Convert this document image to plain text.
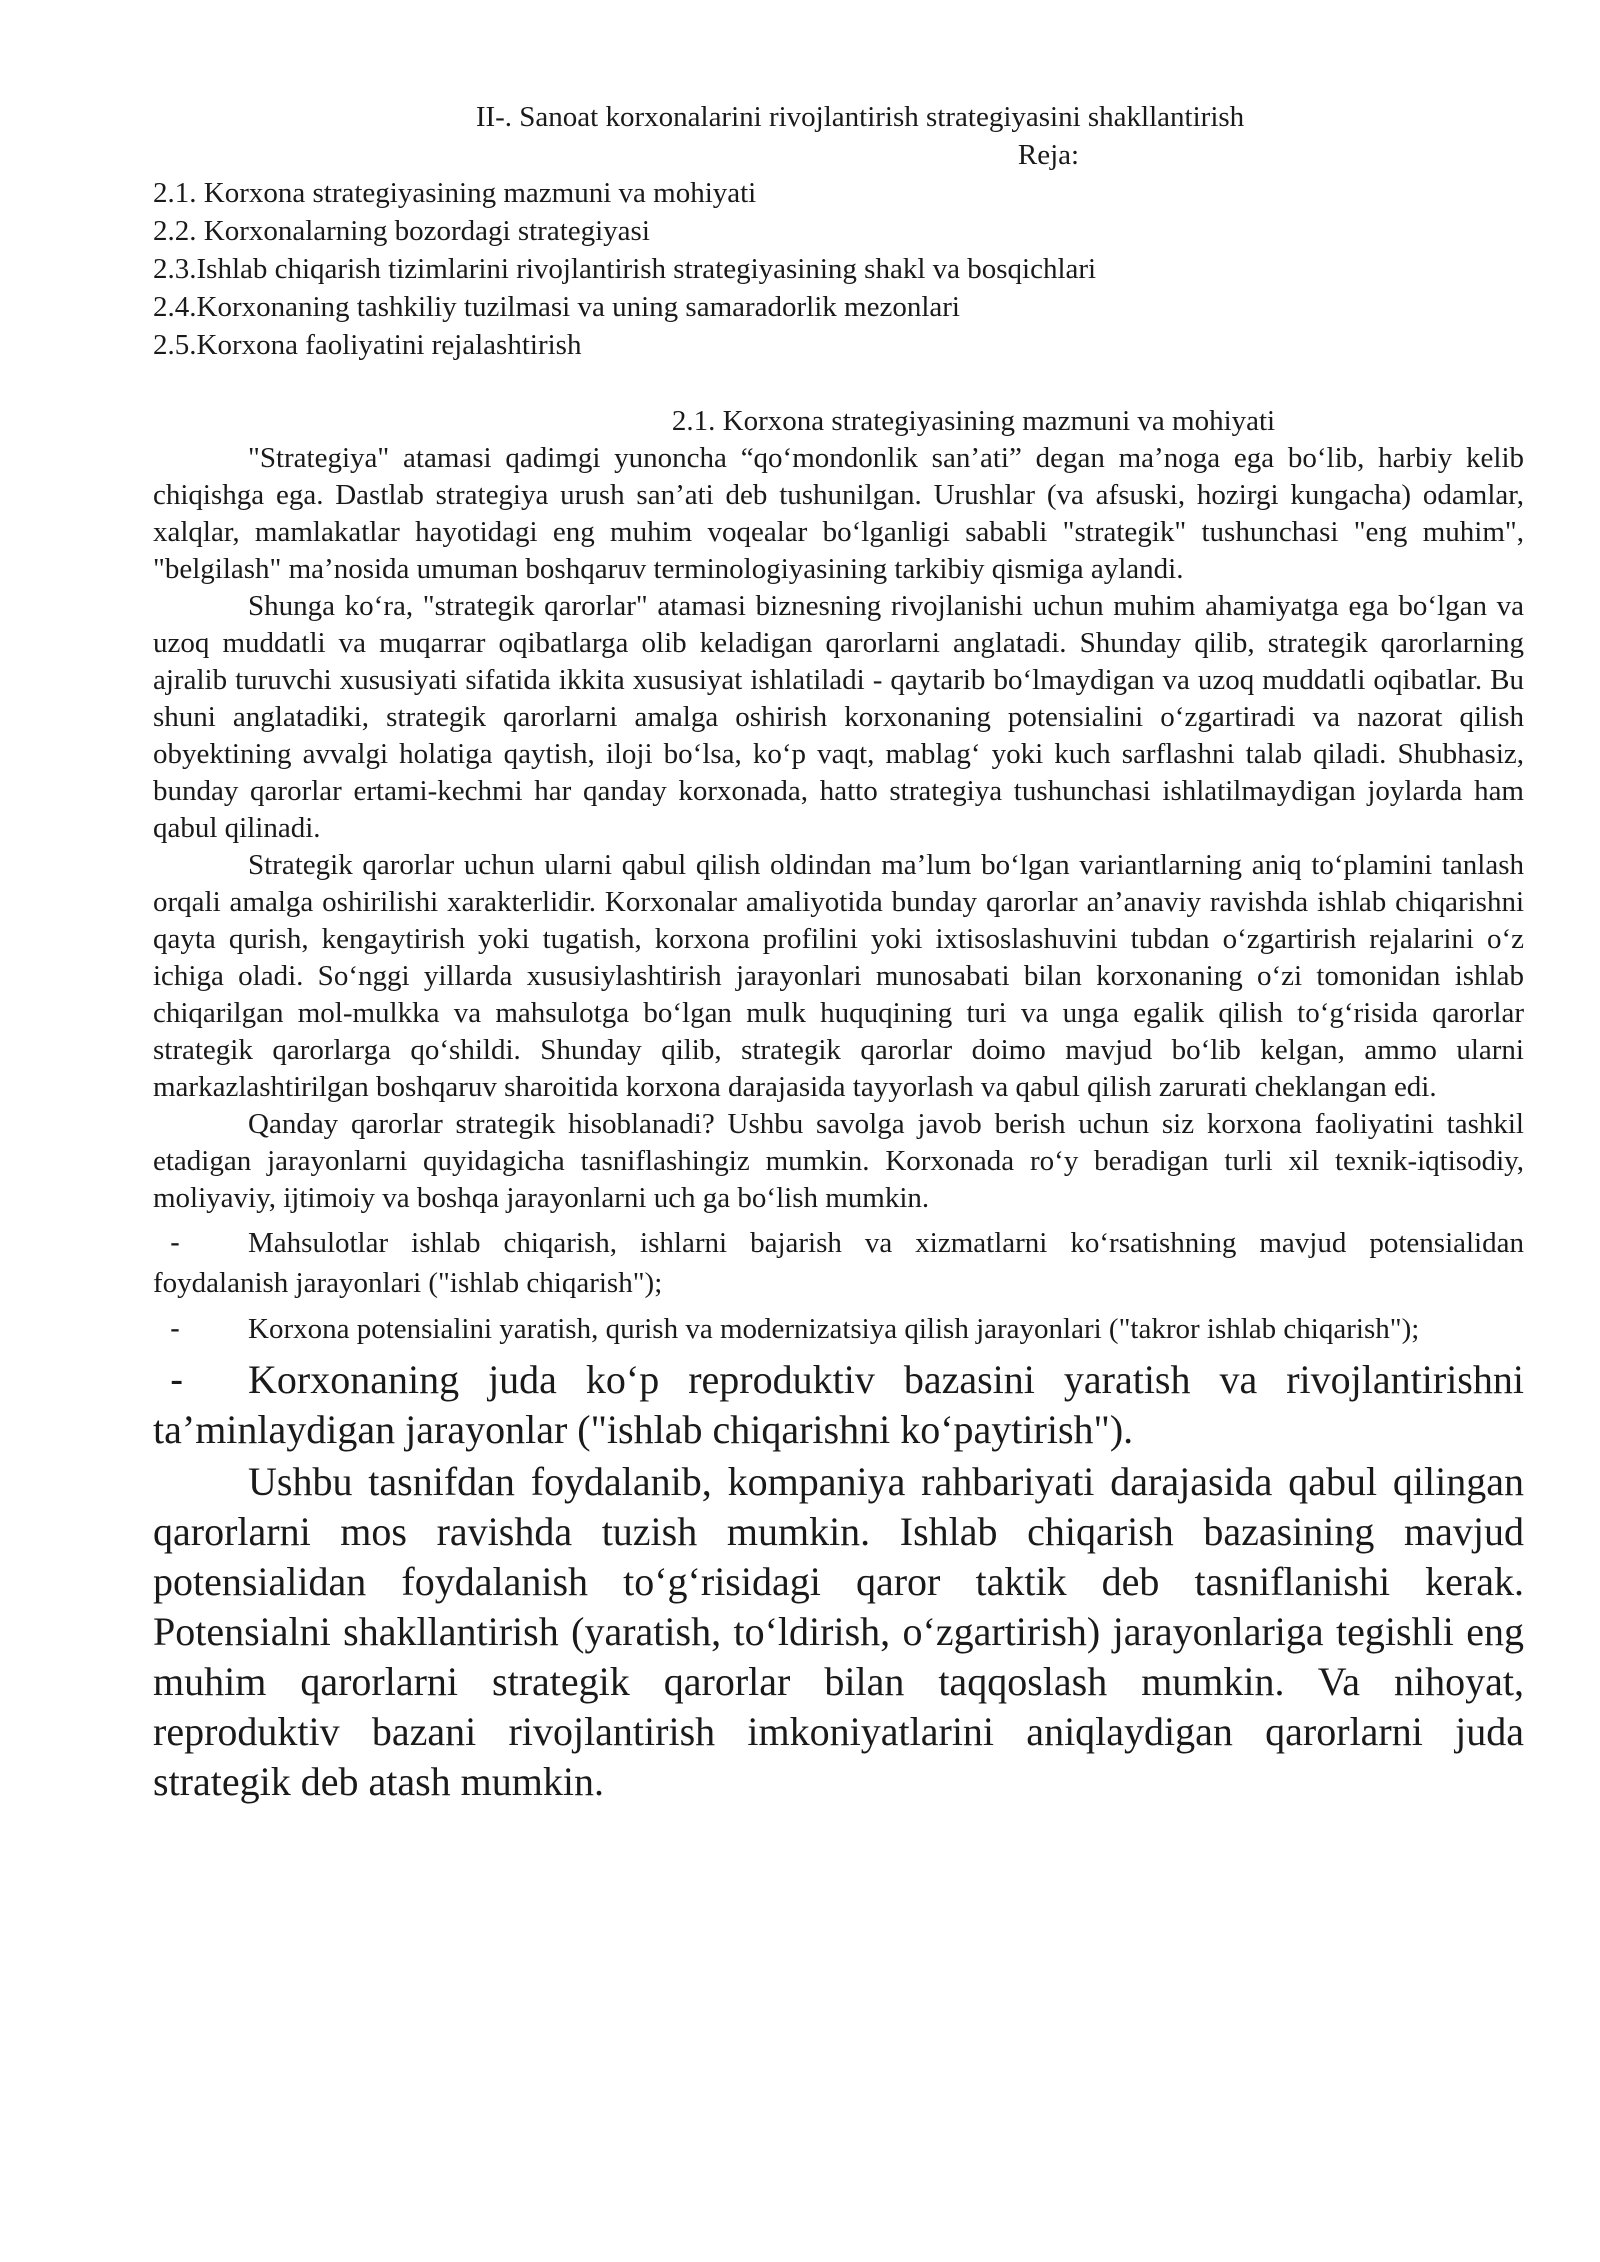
II-. Sanoat korxonalarini rivojlantirish strategiyasini shakllantirish
Reja:
2.1. Korxona strategiyasining mazmuni va mohiyati
2.2. Korxonalarning bozordagi strategiyasi
2.3.Ishlab chiqarish tizimlarini rivojlantirish strategiyasining shakl va bosqichlari
2.4.Korxonaning tashkiliy tuzilmasi va uning samaradorlik mezonlari
2.5.Korxona faoliyatini rejalashtirish
2.1. Korxona strategiyasining mazmuni va mohiyati

"Strategiya" atamasi qadimgi yunoncha “qo‘mondonlik san’ati” degan ma’noga ega bo‘lib, harbiy kelib chiqishga ega. Dastlab strategiya urush san’ati deb tushunilgan. Urushlar (va afsuski, hozirgi kungacha) odamlar, xalqlar, mamlakatlar hayotidagi eng muhim voqealar bo‘lganligi sababli "strategik" tushunchasi "eng muhim", "belgilash" ma’nosida umuman boshqaruv terminologiyasining tarkibiy qismiga aylandi.

Shunga ko‘ra, "strategik qarorlar" atamasi biznesning rivojlanishi uchun muhim ahamiyatga ega bo‘lgan va uzoq muddatli va muqarrar oqibatlarga olib keladigan qarorlarni anglatadi. Shunday qilib, strategik qarorlarning ajralib turuvchi xususiyati sifatida ikkita xususiyat ishlatiladi - qaytarib bo‘lmaydigan va uzoq muddatli oqibatlar. Bu shuni anglatadiki, strategik qarorlarni amalga oshirish korxonaning potensialini o‘zgartiradi va nazorat qilish obyektining avvalgi holatiga qaytish, iloji bo‘lsa, ko‘p vaqt, mablag‘ yoki kuch sarflashni talab qiladi. Shubhasiz, bunday qarorlar ertami-kechmi har qanday korxonada, hatto strategiya tushunchasi ishlatilmaydigan joylarda ham qabul qilinadi.

Strategik qarorlar uchun ularni qabul qilish oldindan ma’lum bo‘lgan variantlarning aniq to‘plamini tanlash orqali amalga oshirilishi xarakterlidir. Korxonalar amaliyotida bunday qarorlar an’anaviy ravishda ishlab chiqarishni qayta qurish, kengaytirish yoki tugatish, korxona profilini yoki ixtisoslashuvini tubdan o‘zgartirish rejalarini o‘z ichiga oladi. So‘nggi yillarda xususiylashtirish jarayonlari munosabati bilan korxonaning o‘zi tomonidan ishlab chiqarilgan mol-mulkka va mahsulotga bo‘lgan mulk huquqining turi va unga egalik qilish to‘g‘risida qarorlar strategik qarorlarga qo‘shildi. Shunday qilib, strategik qarorlar doimo mavjud bo‘lib kelgan, ammo ularni markazlashtirilgan boshqaruv sharoitida korxona darajasida tayyorlash va qabul qilish zarurati cheklangan edi.

Qanday qarorlar strategik hisoblanadi? Ushbu savolga javob berish uchun siz korxona faoliyatini tashkil etadigan jarayonlarni quyidagicha tasniflashingiz mumkin. Korxonada ro‘y beradigan turli xil texnik-iqtisodiy, moliyaviy, ijtimoiy va boshqa jarayonlarni uch ga bo‘lish mumkin.

- Mahsulotlar ishlab chiqarish, ishlarni bajarish va xizmatlarni ko‘rsatishning mavjud potensialidan foydalanish jarayonlari ("ishlab chiqarish");

- Korxona potensialini yaratish, qurish va modernizatsiya qilish jarayonlari ("takror ishlab chiqarish");

- Korxonaning juda ko‘p reproduktiv bazasini yaratish va rivojlantirishni ta’minlaydigan jarayonlar ("ishlab chiqarishni ko‘paytirish").

Ushbu tasnifdan foydalanib, kompaniya rahbariyati darajasida qabul qilingan qarorlarni mos ravishda tuzish mumkin. Ishlab chiqarish bazasining mavjud potensialidan foydalanish to‘g‘risidagi qaror taktik deb tasniflanishi kerak. Potensialni shakllantirish (yaratish, to‘ldirish, o‘zgartirish) jarayonlariga tegishli eng muhim qarorlarni strategik qarorlar bilan taqqoslash mumkin. Va nihoyat, reproduktiv bazani rivojlantirish imkoniyatlarini aniqlaydigan qarorlarni juda strategik deb atash mumkin.
